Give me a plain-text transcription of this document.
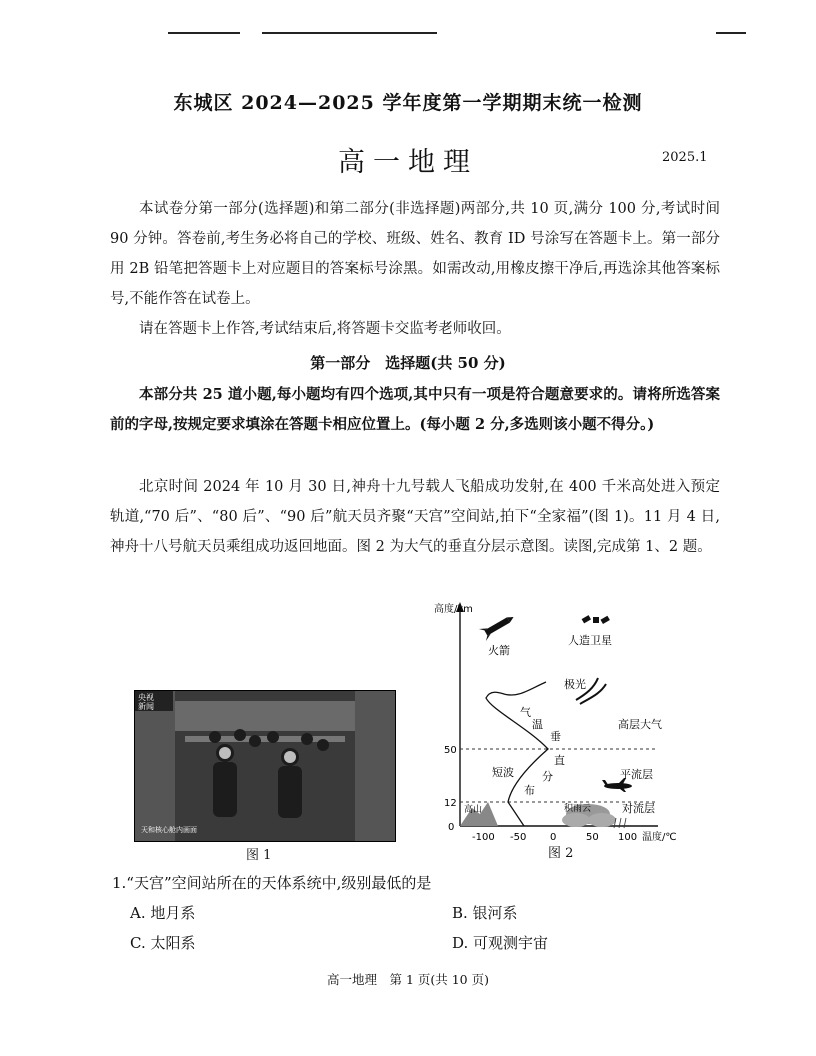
东城区 2024—2025 学年度第一学期期末统一检测
高一地理	2025.1
本试卷分第一部分(选择题)和第二部分(非选择题)两部分,共 10 页,满分 100 分,考试时间 90 分钟。答卷前,考生务必将自己的学校、班级、姓名、教育 ID 号涂写在答题卡上。第一部分用 2B 铅笔把答题卡上对应题目的答案标号涂黑。如需改动,用橡皮擦干净后,再选涂其他答案标号,不能作答在试卷上。
请在答题卡上作答,考试结束后,将答题卡交监考老师收回。
第一部分　选择题(共 50 分)
本部分共 25 道小题,每小题均有四个选项,其中只有一项是符合题意要求的。请将所选答案前的字母,按规定要求填涂在答题卡相应位置上。(每小题 2 分,多选则该小题不得分。)
北京时间 2024 年 10 月 30 日,神舟十九号载人飞船成功发射,在 400 千米高处进入预定轨道,“70 后”、“80 后”、“90 后”航天员齐聚“天宫”空间站,拍下“全家福”(图 1)。11 月 4 日,神舟十八号航天员乘组成功返回地面。图 2 为大气的垂直分层示意图。读图,完成第 1、2 题。
央视
新闻
天和核心舱内画面
图 1
高度/km
火箭
人造卫星
极光
高层大气
平流层
对流层
高山	积雨云
短波
气
温
垂
直
分
布
0
12
50
-100 -50 0	50 100 温度/℃
图 2
1.“天宫”空间站所在的天体系统中,级别最低的是
A. 地月系	B. 银河系
C. 太阳系	D. 可观测宇宙
高一地理　第 1 页(共 10 页)
